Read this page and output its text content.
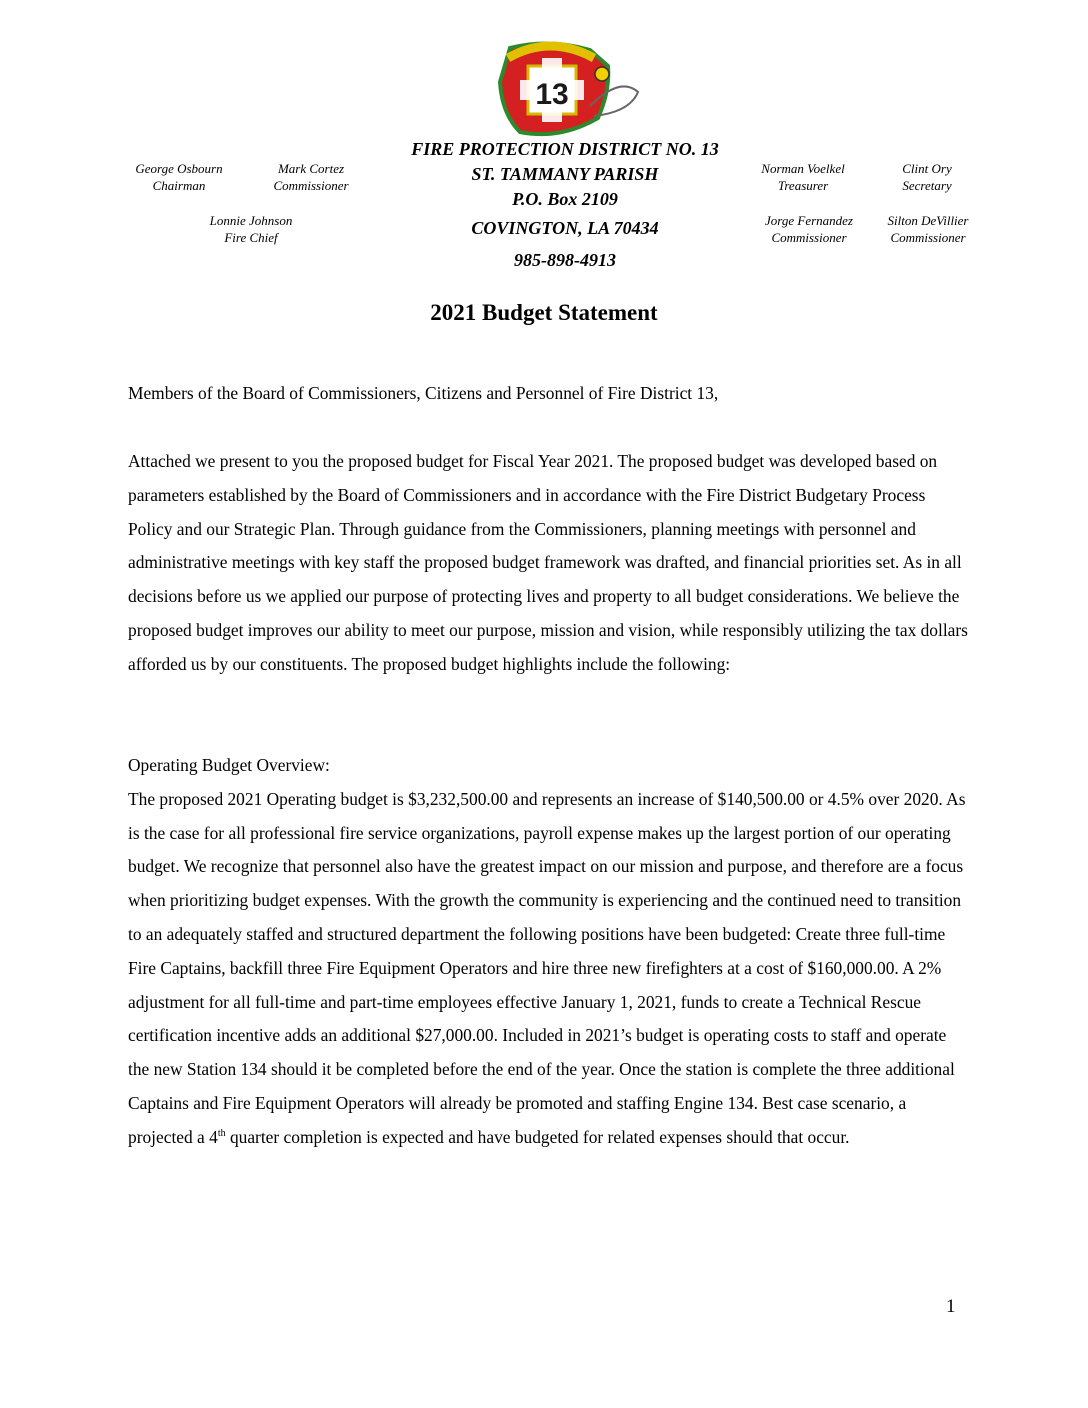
13
George Osbourn
Chairman
Mark Cortez
Commissioner
Lonnie Johnson
Fire Chief
FIRE PROTECTION DISTRICT NO. 13
ST. TAMMANY PARISH
P.O. Box 2109
COVINGTON, LA 70434
985-898-4913
Norman Voelkel
Treasurer
Clint Ory
Secretary
Jorge Fernandez
Commissioner
Silton DeVillier
Commissioner
2021 Budget Statement

Members of the Board of Commissioners, Citizens and Personnel of Fire District 13,

Attached we present to you the proposed budget for Fiscal Year 2021. The proposed budget was developed based on parameters established by the Board of Commissioners and in accordance with the Fire District Budgetary Process Policy and our Strategic Plan. Through guidance from the Commissioners, planning meetings with personnel and administrative meetings with key staff the proposed budget framework was drafted, and financial priorities set. As in all decisions before us we applied our purpose of protecting lives and property to all budget considerations. We believe the proposed budget improves our ability to meet our purpose, mission and vision, while responsibly utilizing the tax dollars afforded us by our constituents. The proposed budget highlights include the following:

Operating Budget Overview:

The proposed 2021 Operating budget is $3,232,500.00 and represents an increase of $140,500.00 or 4.5% over 2020. As is the case for all professional fire service organizations, payroll expense makes up the largest portion of our operating budget. We recognize that personnel also have the greatest impact on our mission and purpose, and therefore are a focus when prioritizing budget expenses. With the growth the community is experiencing and the continued need to transition to an adequately staffed and structured department the following positions have been budgeted: Create three full-time Fire Captains, backfill three Fire Equipment Operators and hire three new firefighters at a cost of $160,000.00. A 2% adjustment for all full-time and part-time employees effective January 1, 2021, funds to create a Technical Rescue certification incentive adds an additional $27,000.00. Included in 2021’s budget is operating costs to staff and operate the new Station 134 should it be completed before the end of the year. Once the station is complete the three additional Captains and Fire Equipment Operators will already be promoted and staffing Engine 134. Best case scenario, a projected a 4th quarter completion is expected and have budgeted for related expenses should that occur.

1
